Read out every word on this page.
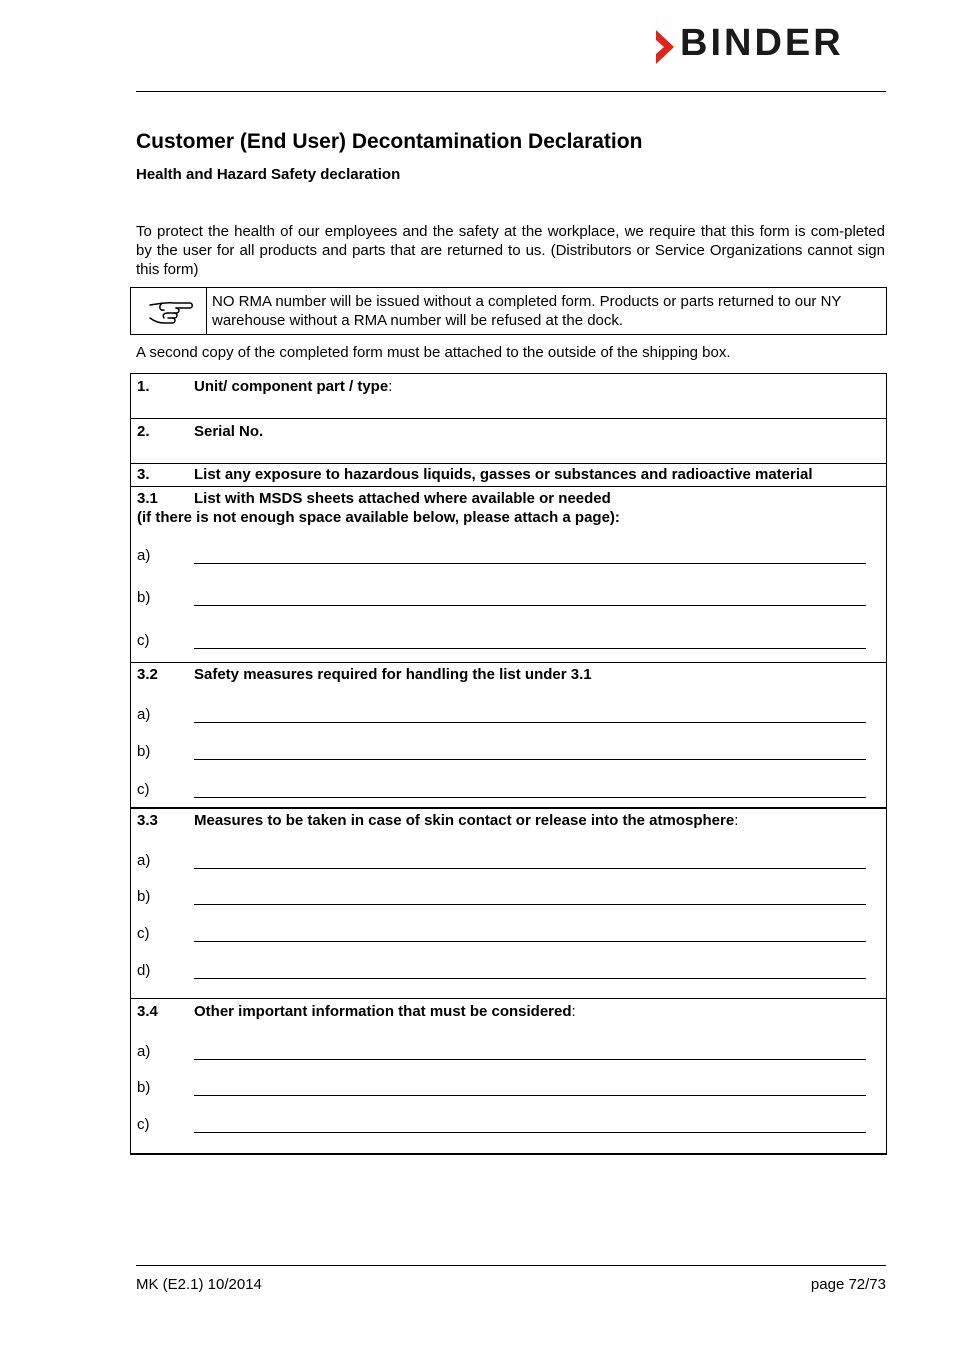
BINDER
Customer (End User) Decontamination Declaration
Health and Hazard Safety declaration

To protect the health of our employees and the safety at the workplace, we require that this form is com-pleted by the user for all products and parts that are returned to us. (Distributors or Service Organizations cannot sign this form)

NO RMA number will be issued without a completed form. Products or parts returned to our NY warehouse without a RMA number will be refused at the dock.

A second copy of the completed form must be attached to the outside of the shipping box.

1.	Unit/ component part / type:
2.	Serial No.
3.	List any exposure to hazardous liquids, gasses or substances and radioactive material
3.1 List with MSDS sheets attached where available or needed
(if there is not enough space available below, please attach a page):
a)
b)
c)
3.2 Safety measures required for handling the list under 3.1
a)
b)
c)
3.3 Measures to be taken in case of skin contact or release into the atmosphere:
a)
b)
c)
d)
3.4 Other important information that must be considered:
a)
b)
c)
MK (E2.1) 10/2014	page 72/73
